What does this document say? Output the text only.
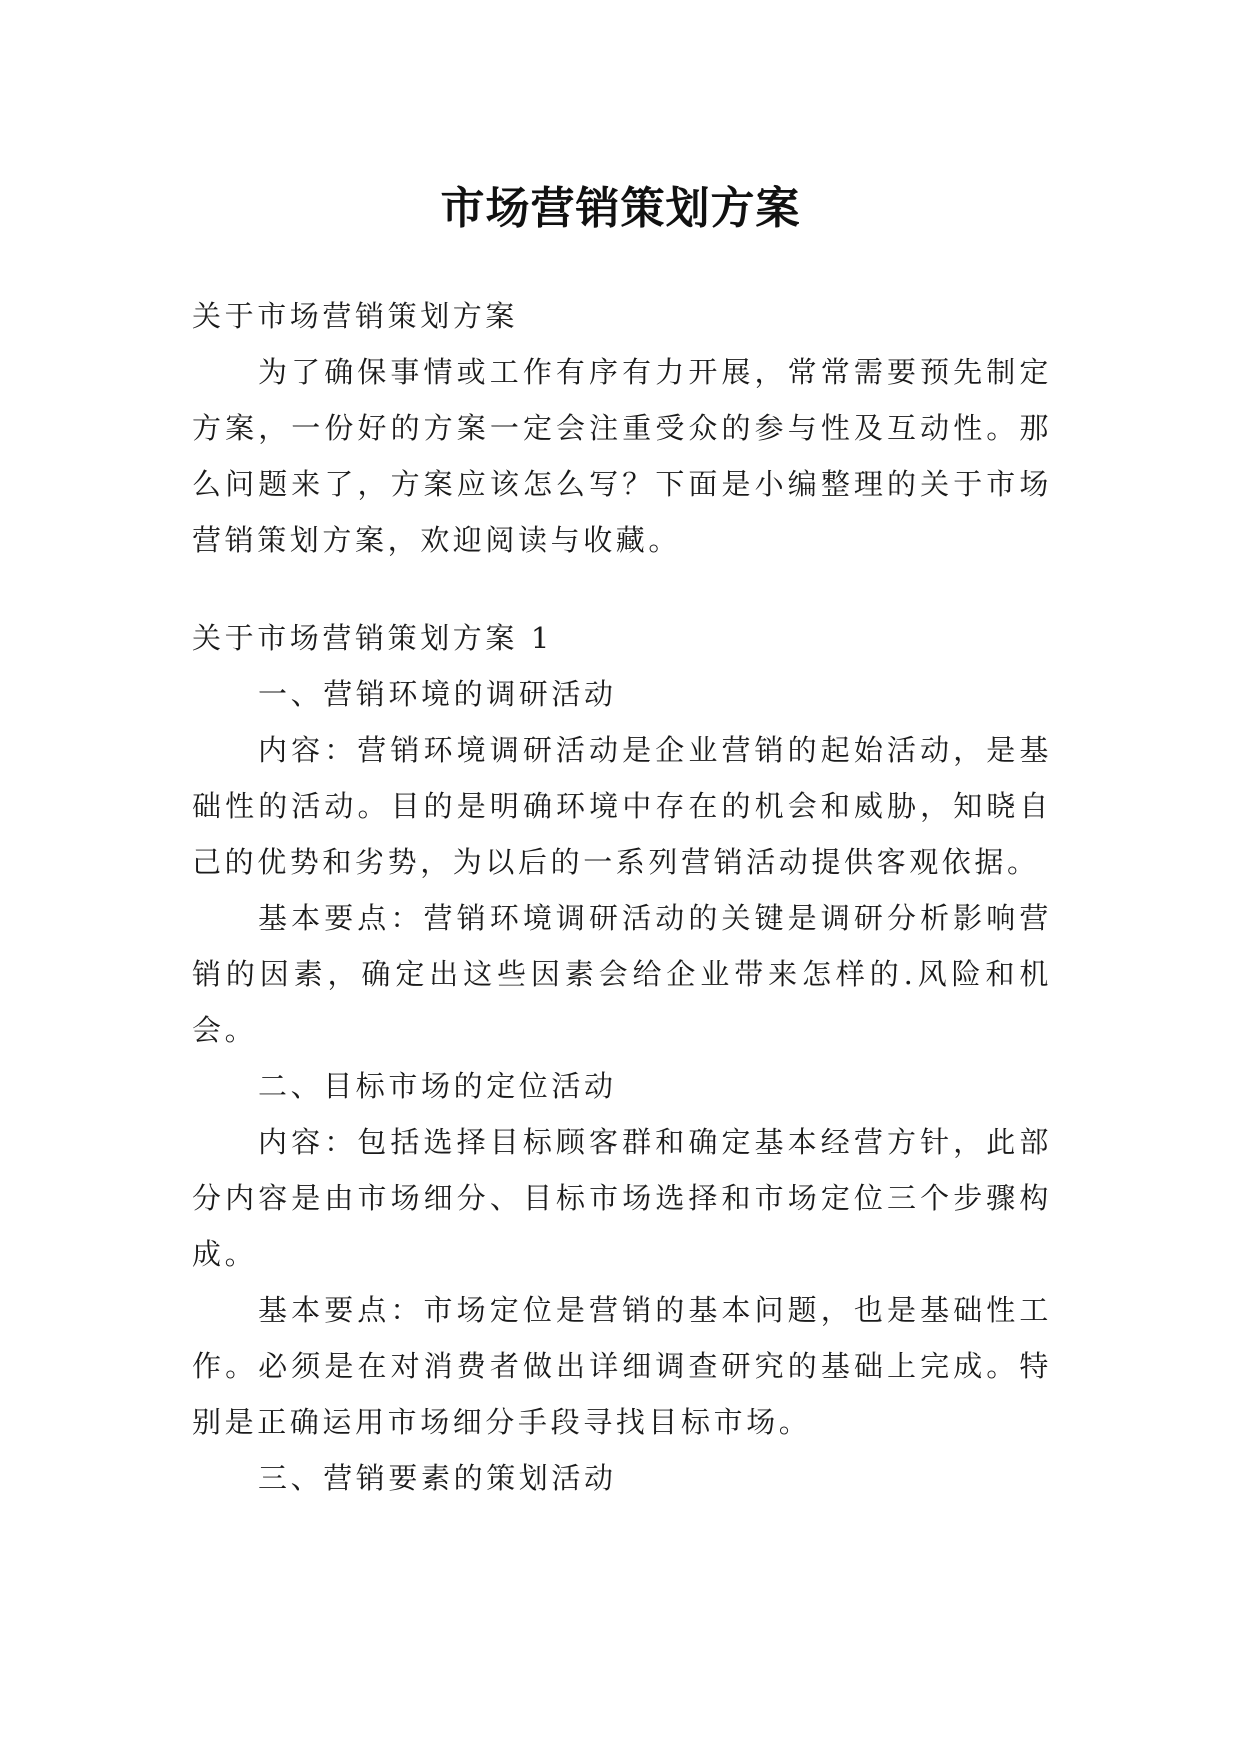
市场营销策划方案

关于市场营销策划方案

为了确保事情或工作有序有力开展，常常需要预先制定方案，一份好的方案一定会注重受众的参与性及互动性。那么问题来了，方案应该怎么写？下面是小编整理的关于市场营销策划方案，欢迎阅读与收藏。

关于市场营销策划方案 1

一、营销环境的调研活动

内容：营销环境调研活动是企业营销的起始活动，是基础性的活动。目的是明确环境中存在的机会和威胁，知晓自己的优势和劣势，为以后的一系列营销活动提供客观依据。

基本要点：营销环境调研活动的关键是调研分析影响营销的因素，确定出这些因素会给企业带来怎样的.风险和机会。

二、目标市场的定位活动

内容：包括选择目标顾客群和确定基本经营方针，此部分内容是由市场细分、目标市场选择和市场定位三个步骤构成。

基本要点：市场定位是营销的基本问题，也是基础性工作。必须是在对消费者做出详细调查研究的基础上完成。特别是正确运用市场细分手段寻找目标市场。

三、营销要素的策划活动
